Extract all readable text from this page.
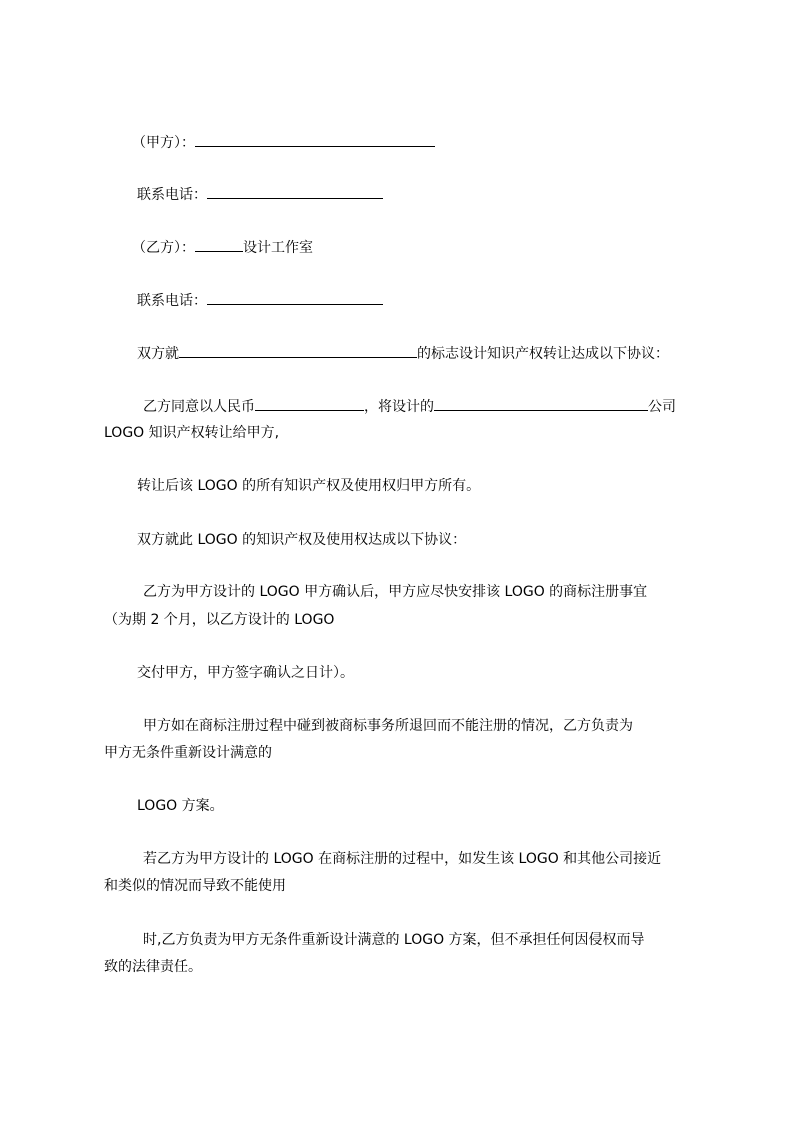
（甲方）：
联系电话：
（乙方）：	设计工作室
联系电话：
双方就	的标志设计知识产权转让达成以下协议：
乙方同意以人民币	，将设计的	公司
LOGO 知识产权转让给甲方,
转让后该 LOGO 的所有知识产权及使用权归甲方所有。
双方就此 LOGO 的知识产权及使用权达成以下协议：
乙方为甲方设计的 LOGO 甲方确认后，甲方应尽快安排该 LOGO 的商标注册事宜
（为期 2 个月，以乙方设计的 LOGO
交付甲方，甲方签字确认之日计）。
甲方如在商标注册过程中碰到被商标事务所退回而不能注册的情况，乙方负责为
甲方无条件重新设计满意的
LOGO 方案。
若乙方为甲方设计的 LOGO 在商标注册的过程中，如发生该 LOGO 和其他公司接近
和类似的情况而导致不能使用
时,乙方负责为甲方无条件重新设计满意的 LOGO 方案，但不承担任何因侵权而导
致的法律责任。
